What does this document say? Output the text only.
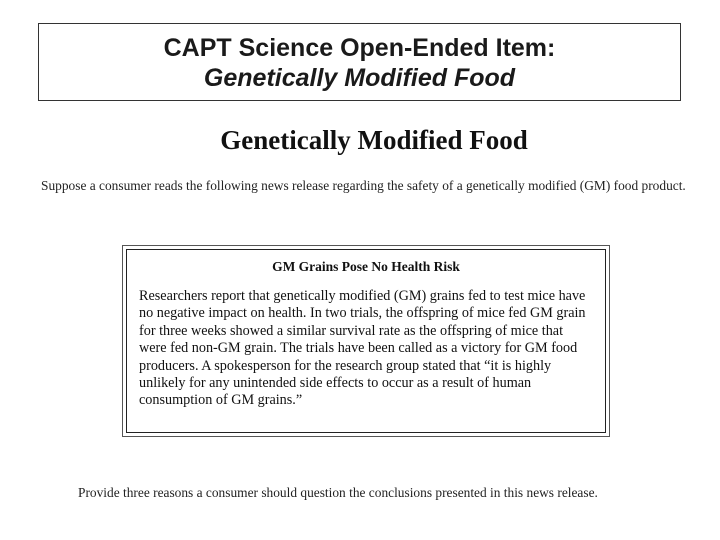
CAPT Science Open-Ended Item:
Genetically Modified Food
Genetically Modified Food
Suppose a consumer reads the following news release regarding the safety of a genetically modified (GM) food product.
GM Grains Pose No Health Risk
Researchers report that genetically modified (GM) grains fed to test mice have no negative impact on health. In two trials, the offspring of mice fed GM grain for three weeks showed a similar survival rate as the offspring of mice that were fed non-GM grain. The trials have been called as a victory for GM food producers. A spokesperson for the research group stated that “it is highly unlikely for any unintended side effects to occur as a result of human consumption of GM grains.”
Provide three reasons a consumer should question the conclusions presented in this news release.
